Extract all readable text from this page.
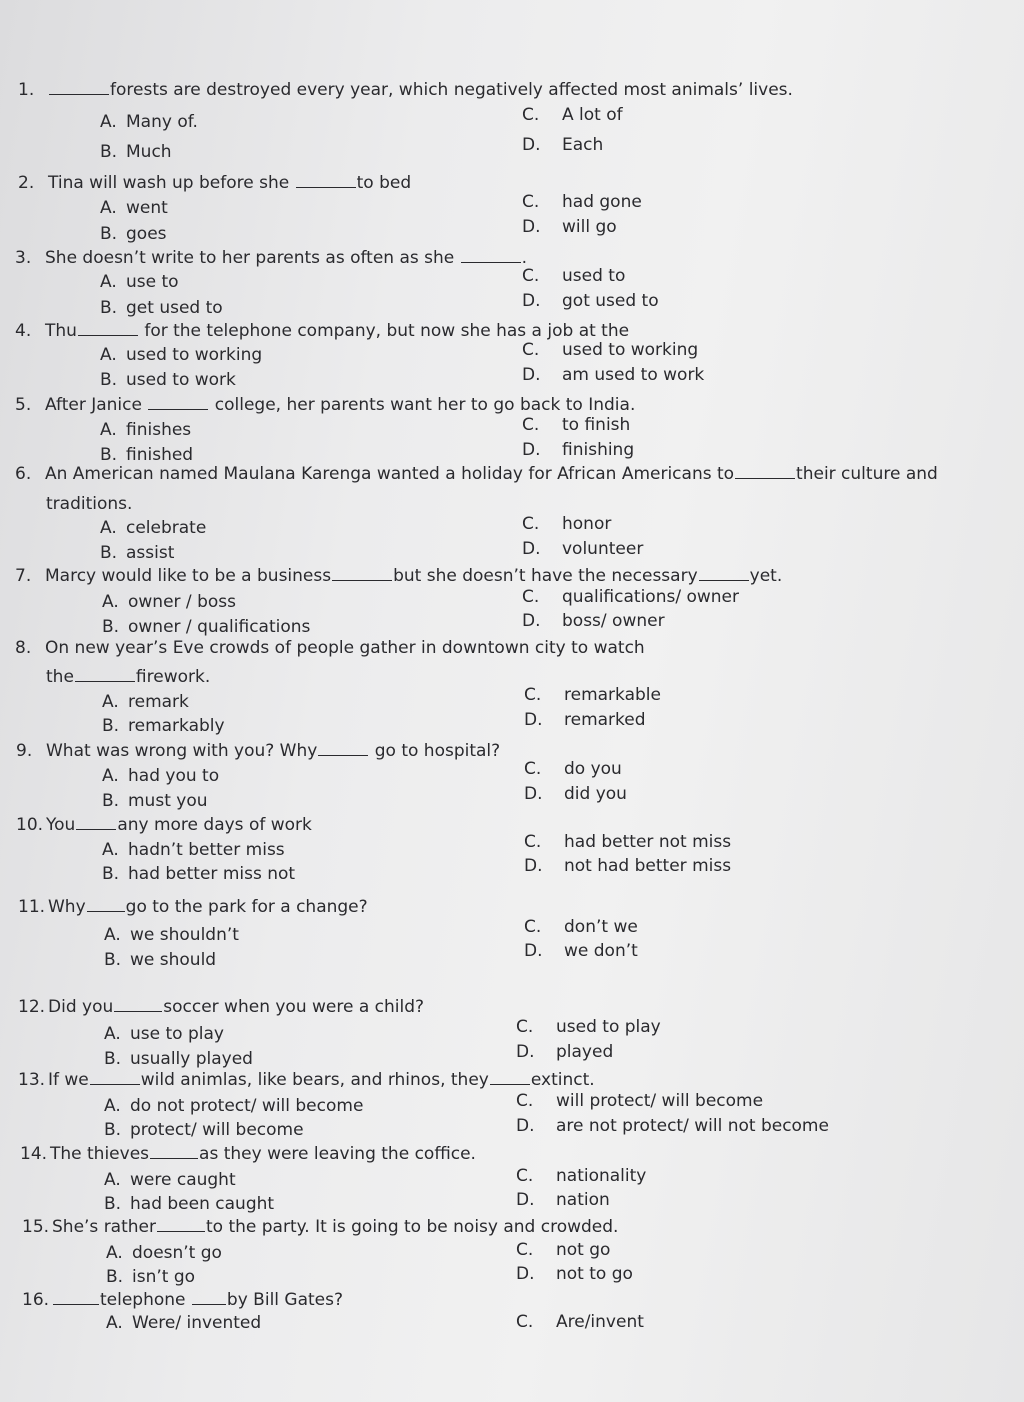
1.	forests are destroyed every year, which negatively affected most animals’ lives.
A. Many of.
B. Much
C. A lot of
D. Each
2. Tina will wash up before she	to bed
A. went
B. goes
C. had gone
D. will go
3. She doesn’t write to her parents as often as she	.
A. use to
B. get used to
C. used to
D. got used to
4. Thu	for the telephone company, but now she has a job at the
A. used to working
B. used to work
C. used to working
D. am used to work
5. After Janice	college, her parents want her to go back to India.
A. finishes
B. finished
C. to finish
D. finishing
6. An American named Maulana Karenga wanted a holiday for African Americans to	their culture and
traditions.
A. celebrate
B. assist
C. honor
D. volunteer
7. Marcy would like to be a business	but she doesn’t have the necessary	yet.
A. owner / boss
B. owner / qualifications
C. qualifications/ owner
D. boss/ owner
8. On new year’s Eve crowds of people gather in downtown city to watch
the	firework.
A. remark
B. remarkably
C. remarkable
D. remarked
9. What was wrong with you? Why	go to hospital?
A. had you to
B. must you
C. do you
D. did you
10. You any more days of work
A. hadn’t better miss
B. had better miss not
C. had better not miss
D. not had better miss
11. Why go to the park for a change?
A. we shouldn’t
B. we should
C. don’t we
D. we don’t
12. Did you	soccer when you were a child?
A. use to play
B. usually played
C. used to play
D. played
13. If we	wild animlas, like bears, and rhinos, they extinct.
A. do not protect/ will become
B. protect/ will become
C. will protect/ will become
D. are not protect/ will not become
14. The thieves	as they were leaving the coffice.
A. were caught
B. had been caught
C. nationality
D. nation
15. She’s rather	to the party. It is going to be noisy and crowded.
A. doesn’t go
B. isn’t go
C. not go
D. not to go
16.	telephone by Bill Gates?
A. Were/ invented	C. Are/invent
